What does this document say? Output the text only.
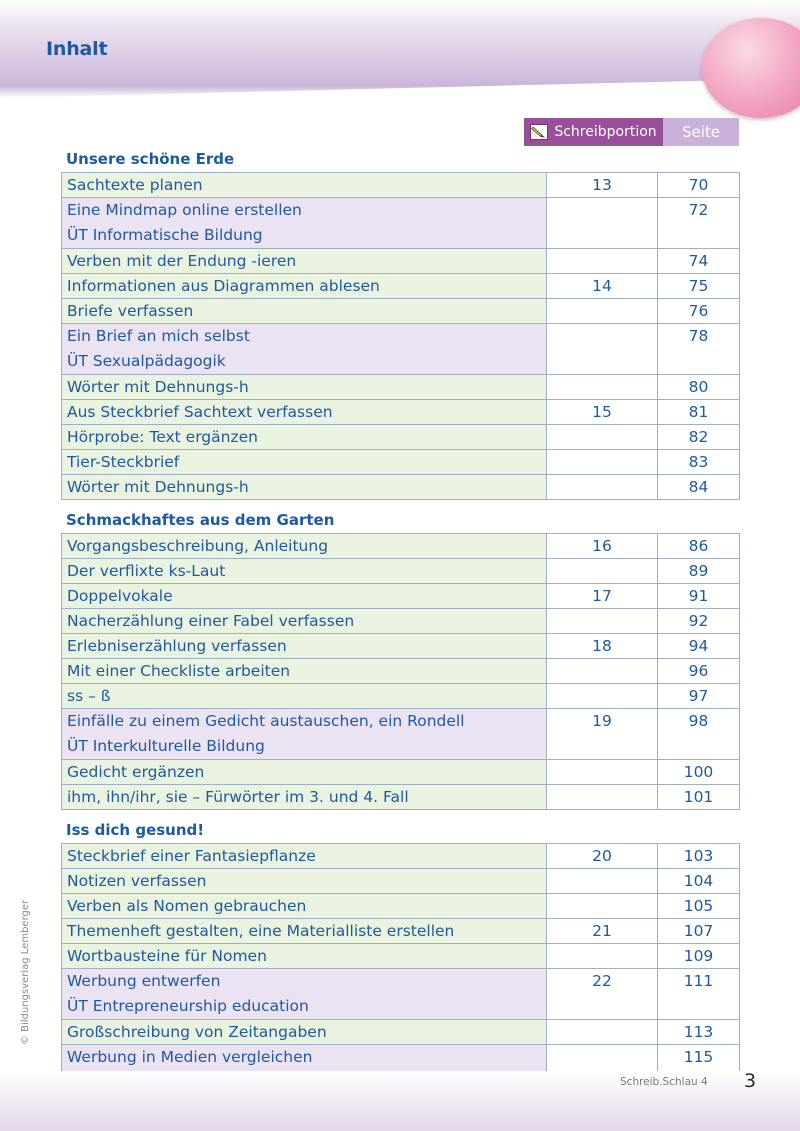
Inhalt
Schreibportion Seite
Unsere schöne Erde
Sachtexte planen	13	70

Eine Mindmap online erstellen
ÜT Informatische Bildung		72

Verben mit der Endung -ieren		74

Informationen aus Diagrammen ablesen	14	75

Briefe verfassen		76

Ein Brief an mich selbst
ÜT Sexualpädagogik		78

Wörter mit Dehnungs-h		80

Aus Steckbrief Sachtext verfassen	15	81

Hörprobe: Text ergänzen		82

Tier-Steckbrief		83

Wörter mit Dehnungs-h		84
Schmackhaftes aus dem Garten
Vorgangsbeschreibung, Anleitung	16	86

Der verflixte ks-Laut		89

Doppelvokale	17	91

Nacherzählung einer Fabel verfassen		92

Erlebniserzählung verfassen	18	94

Mit einer Checkliste arbeiten		96

ss – ß		97

Einfälle zu einem Gedicht austauschen, ein Rondell
ÜT Interkulturelle Bildung	19	98

Gedicht ergänzen		100

ihm, ihn/ihr, sie – Fürwörter im 3. und 4. Fall		101
Iss dich gesund!
Steckbrief einer Fantasiepflanze	20	103

Notizen verfassen		104

Verben als Nomen gebrauchen		105

Themenheft gestalten, eine Materialliste erstellen	21	107

Wortbausteine für Nomen		109

Werbung entwerfen
ÜT Entrepreneurship education	22	111

Großschreibung von Zeitangaben		113

Werbung in Medien vergleichen		115
© Bildungsverlag Lemberger
Schreib.Schlau 4 3
